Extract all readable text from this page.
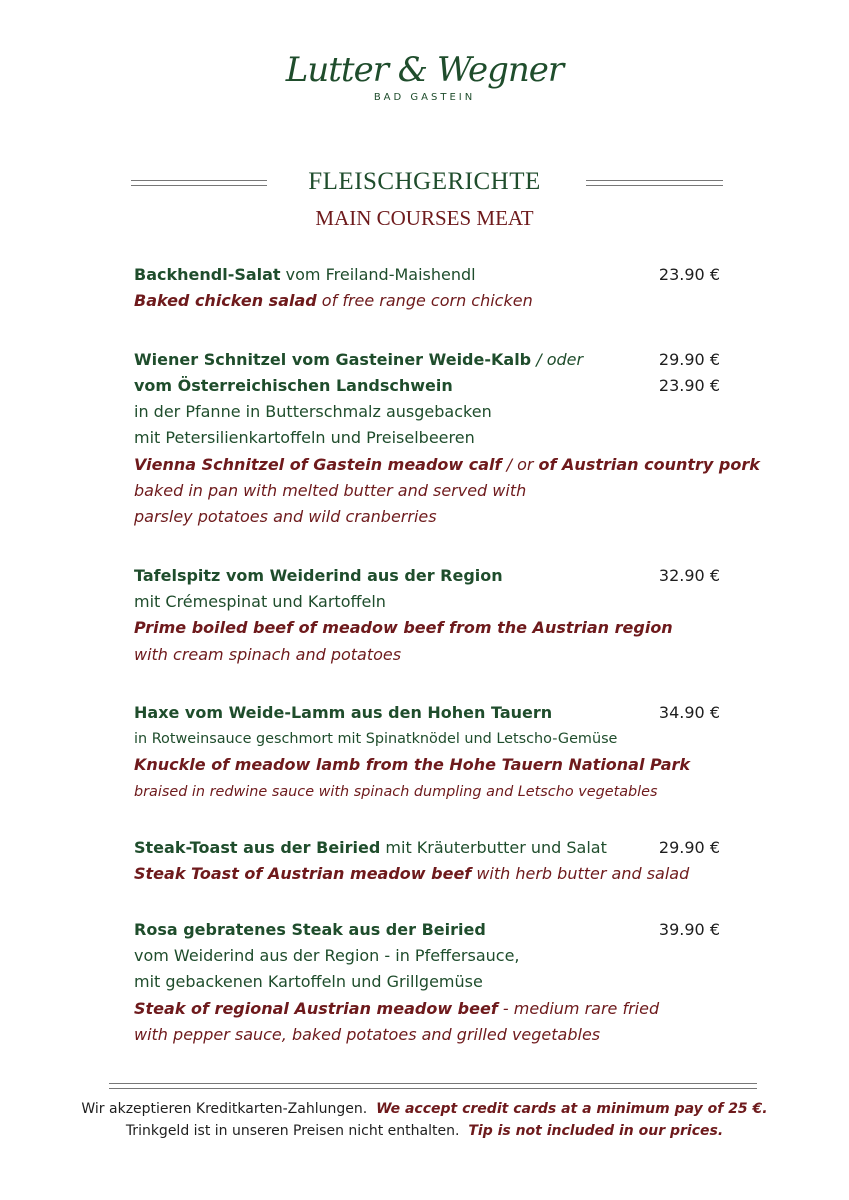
Lutter & Wegner
BAD GASTEIN
FLEISCHGERICHTE
MAIN COURSES MEAT
Backhendl-Salat vom Freiland-Maishendl	23.90 €
Baked chicken salad of free range corn chicken
Wiener Schnitzel vom Gasteiner Weide-Kalb / oder	29.90 €
vom Österreichischen Landschwein	23.90 €
in der Pfanne in Butterschmalz ausgebacken
mit Petersilienkartoffeln und Preiselbeeren
Vienna Schnitzel of Gastein meadow calf / or of Austrian country pork
baked in pan with melted butter and served with
parsley potatoes and wild cranberries
Tafelspitz vom Weiderind aus der Region	32.90 €
mit Crémespinat und Kartoffeln
Prime boiled beef of meadow beef from the Austrian region
with cream spinach and potatoes
Haxe vom Weide-Lamm aus den Hohen Tauern	34.90 €
in Rotweinsauce geschmort mit Spinatknödel und Letscho-Gemüse
Knuckle of meadow lamb from the Hohe Tauern National Park
braised in redwine sauce with spinach dumpling and Letscho vegetables
Steak-Toast aus der Beiried mit Kräuterbutter und Salat	29.90 €
Steak Toast of Austrian meadow beef with herb butter and salad
Rosa gebratenes Steak aus der Beiried	39.90 €
vom Weiderind aus der Region - in Pfeffersauce,
mit gebackenen Kartoffeln und Grillgemüse
Steak of regional Austrian meadow beef - medium rare fried
with pepper sauce, baked potatoes and grilled vegetables
Wir akzeptieren Kreditkarten-Zahlungen. We accept credit cards at a minimum pay of 25 €.
Trinkgeld ist in unseren Preisen nicht enthalten. Tip is not included in our prices.
